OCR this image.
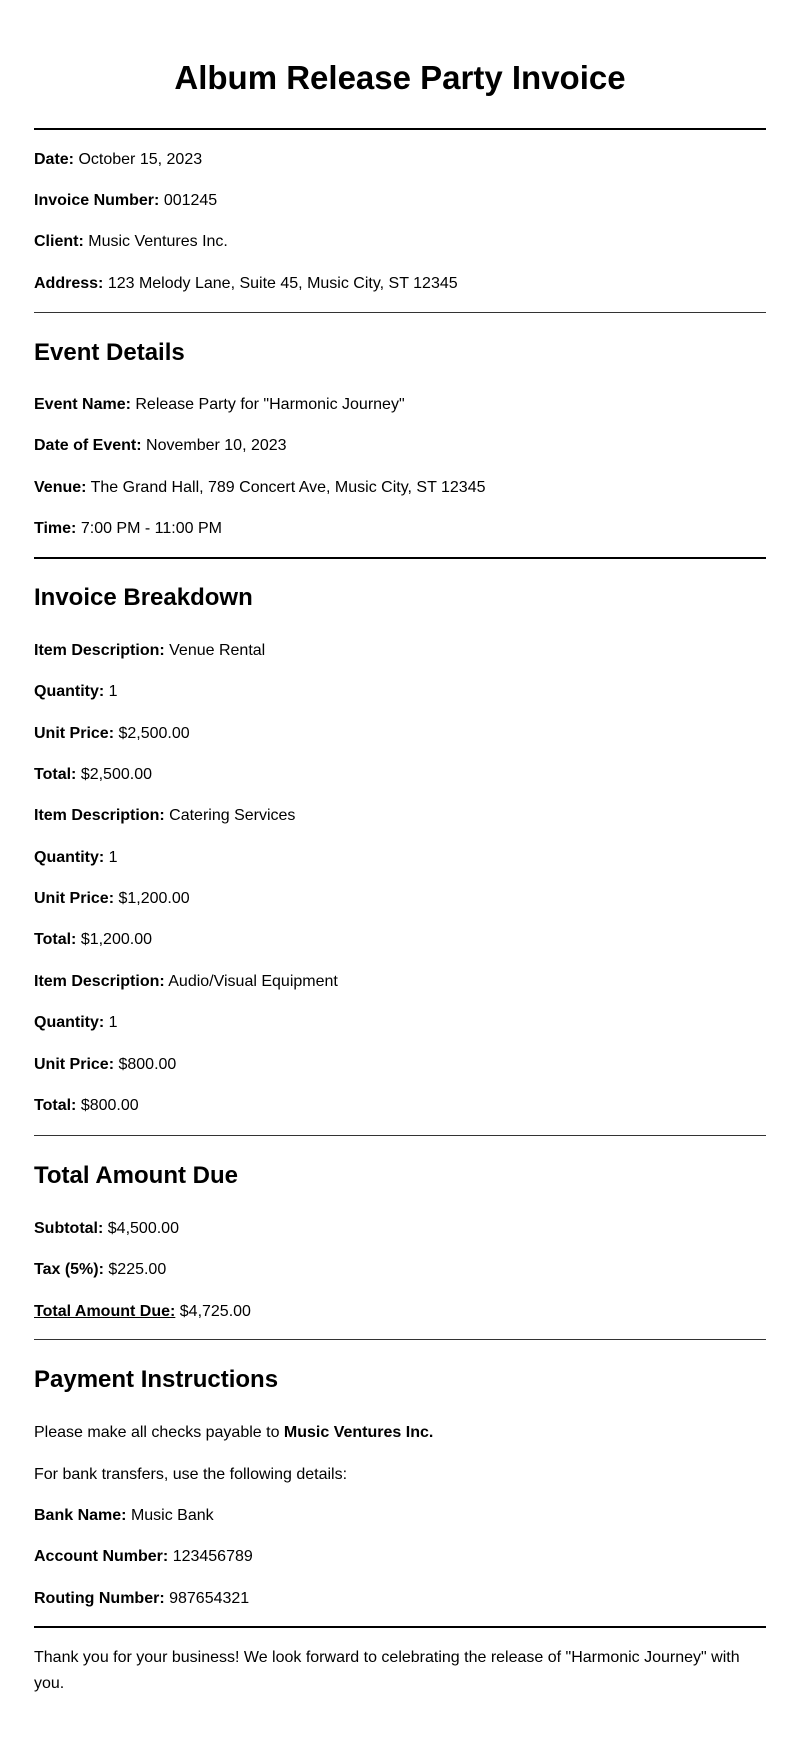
Album Release Party Invoice

Date: October 15, 2023

Invoice Number: 001245

Client: Music Ventures Inc.

Address: 123 Melody Lane, Suite 45, Music City, ST 12345

Event Details

Event Name: Release Party for "Harmonic Journey"

Date of Event: November 10, 2023

Venue: The Grand Hall, 789 Concert Ave, Music City, ST 12345

Time: 7:00 PM - 11:00 PM

Invoice Breakdown

Item Description: Venue Rental

Quantity: 1

Unit Price: $2,500.00

Total: $2,500.00

Item Description: Catering Services

Quantity: 1

Unit Price: $1,200.00

Total: $1,200.00

Item Description: Audio/Visual Equipment

Quantity: 1

Unit Price: $800.00

Total: $800.00

Total Amount Due

Subtotal: $4,500.00

Tax (5%): $225.00

Total Amount Due: $4,725.00

Payment Instructions

Please make all checks payable to Music Ventures Inc.

For bank transfers, use the following details:

Bank Name: Music Bank

Account Number: 123456789

Routing Number: 987654321

Thank you for your business! We look forward to celebrating the release of "Harmonic Journey" with you.
